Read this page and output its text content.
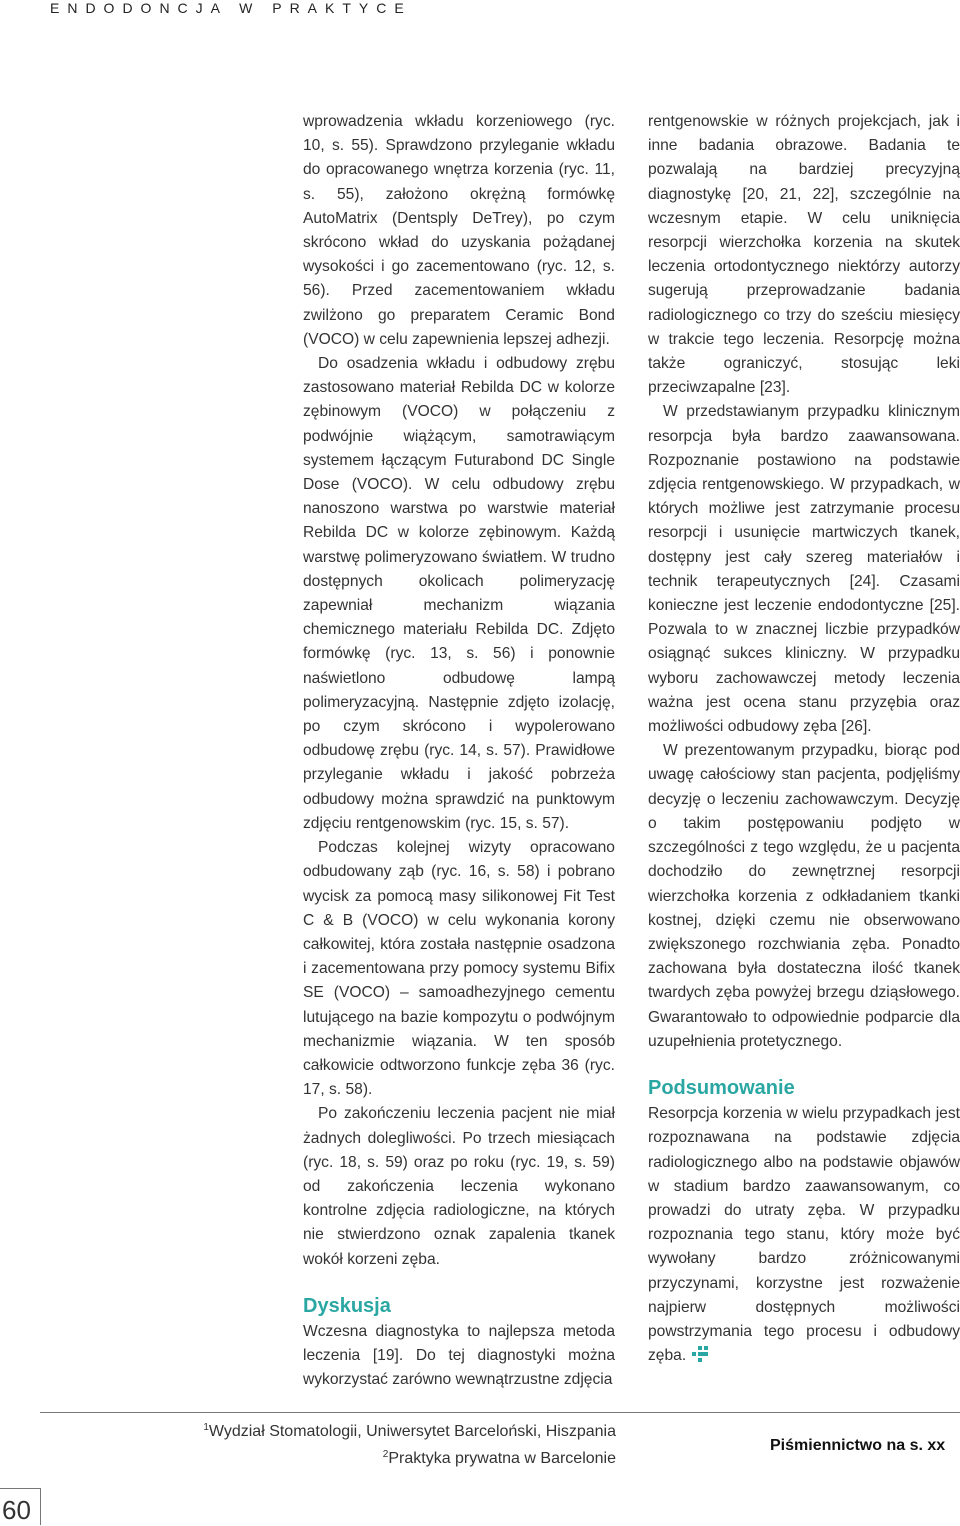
ENDODONCJA W PRAKTYCE

wprowadzenia wkładu korzeniowego (ryc. 10, s. 55). Sprawdzono przyleganie wkładu do opracowanego wnętrza korzenia (ryc. 11, s. 55), założono okrężną formówkę AutoMatrix (Dentsply DeTrey), po czym skrócono wkład do uzyskania pożądanej wysokości i go zacementowano (ryc. 12, s. 56). Przed zacementowaniem wkładu zwilżono go preparatem Ceramic Bond (VOCO) w celu zapewnienia lepszej adhezji.

Do osadzenia wkładu i odbudowy zrębu zastosowano materiał Rebilda DC w kolorze zębinowym (VOCO) w połączeniu z podwójnie wiążącym, samotrawiącym systemem łączącym Futurabond DC Single Dose (VOCO). W celu odbudowy zrębu nanoszono warstwa po warstwie materiał Rebilda DC w kolorze zębinowym. Każdą warstwę polimeryzowano światłem. W trudno dostępnych okolicach polimeryzację zapewniał mechanizm wiązania chemicznego materiału Rebilda DC. Zdjęto formówkę (ryc. 13, s. 56) i ponownie naświetlono odbudowę lampą polimeryzacyjną. Następnie zdjęto izolację, po czym skrócono i wypolerowano odbudowę zrębu (ryc. 14, s. 57). Prawidłowe przyleganie wkładu i jakość pobrzeża odbudowy można sprawdzić na punktowym zdjęciu rentgenowskim (ryc. 15, s. 57).

Podczas kolejnej wizyty opracowano odbudowany ząb (ryc. 16, s. 58) i pobrano wycisk za pomocą masy silikonowej Fit Test C & B (VOCO) w celu wykonania korony całkowitej, która została następnie osadzona i zacementowana przy pomocy systemu Bifix SE (VOCO) – samoadhezyjnego cementu lutującego na bazie kompozytu o podwójnym mechanizmie wiązania. W ten sposób całkowicie odtworzono funkcje zęba 36 (ryc. 17, s. 58).

Po zakończeniu leczenia pacjent nie miał żadnych dolegliwości. Po trzech miesiącach (ryc. 18, s. 59) oraz po roku (ryc. 19, s. 59) od zakończenia leczenia wykonano kontrolne zdjęcia radiologiczne, na których nie stwierdzono oznak zapalenia tkanek wokół korzeni zęba.

Dyskusja

Wczesna diagnostyka to najlepsza metoda leczenia [19]. Do tej diagnostyki można wykorzystać zarówno wewnątrzustne zdjęcia

rentgenowskie w różnych projekcjach, jak i inne badania obrazowe. Badania te pozwalają na bardziej precyzyjną diagnostykę [20, 21, 22], szczególnie na wczesnym etapie. W celu uniknięcia resorpcji wierzchołka korzenia na skutek leczenia ortodontycznego niektórzy autorzy sugerują przeprowadzanie badania radiologicznego co trzy do sześciu miesięcy w trakcie tego leczenia. Resorpcję można także ograniczyć, stosując leki przeciwzapalne [23].

W przedstawianym przypadku klinicznym resorpcja była bardzo zaawansowana. Rozpoznanie postawiono na podstawie zdjęcia rentgenowskiego. W przypadkach, w których możliwe jest zatrzymanie procesu resorpcji i usunięcie martwiczych tkanek, dostępny jest cały szereg materiałów i technik terapeutycznych [24]. Czasami konieczne jest leczenie endodontyczne [25]. Pozwala to w znacznej liczbie przypadków osiągnąć sukces kliniczny. W przypadku wyboru zachowawczej metody leczenia ważna jest ocena stanu przyzębia oraz możliwości odbudowy zęba [26].

W prezentowanym przypadku, biorąc pod uwagę całościowy stan pacjenta, podjęliśmy decyzję o leczeniu zachowawczym. Decyzję o takim postępowaniu podjęto w szczególności z tego względu, że u pacjenta dochodziło do zewnętrznej resorpcji wierzchołka korzenia z odkładaniem tkanki kostnej, dzięki czemu nie obserwowano zwiększonego rozchwiania zęba. Ponadto zachowana była dostateczna ilość tkanek twardych zęba powyżej brzegu dziąsłowego. Gwarantowało to odpowiednie podparcie dla uzupełnienia protetycznego.

Podsumowanie

Resorpcja korzenia w wielu przypadkach jest rozpoznawana na podstawie zdjęcia radiologicznego albo na podstawie objawów w stadium bardzo zaawansowanym, co prowadzi do utraty zęba. W przypadku rozpoznania tego stanu, który może być wywołany bardzo zróżnicowanymi przyczynami, korzystne jest rozważenie najpierw dostępnych możliwości powstrzymania tego procesu i odbudowy zęba.

$^1$Wydział Stomatologii, Uniwersytet Barceloński, Hiszpania
$^2$Praktyka prywatna w Barcelonie
Piśmiennictwo na s. xx
60
